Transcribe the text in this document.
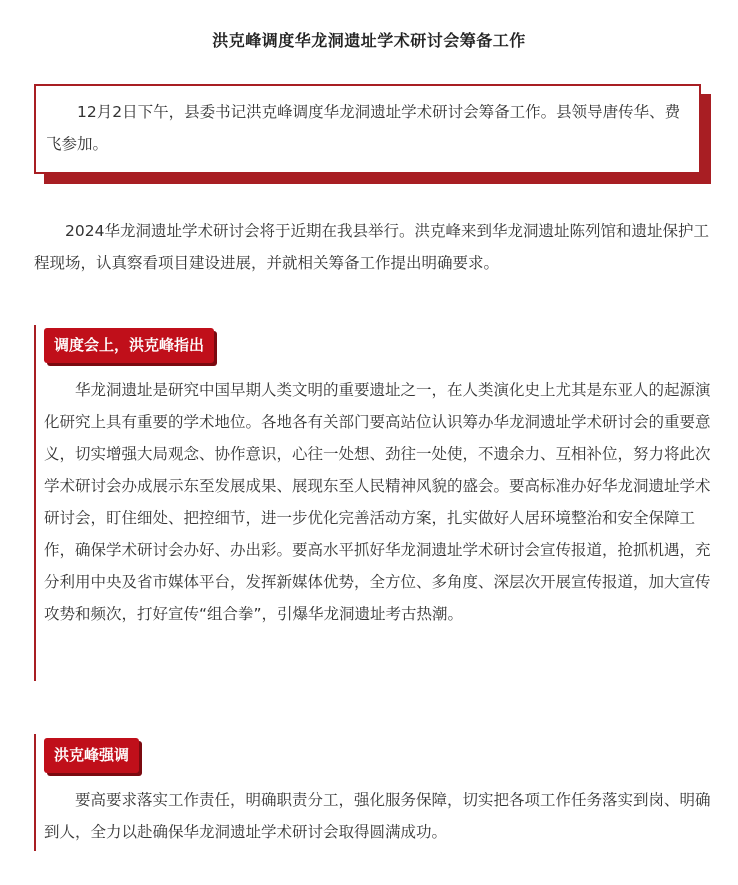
洪克峰调度华龙洞遗址学术研讨会筹备工作
12月2日下午，县委书记洪克峰调度华龙洞遗址学术研讨会筹备工作。县领导唐传华、费飞参加。
2024华龙洞遗址学术研讨会将于近期在我县举行。洪克峰来到华龙洞遗址陈列馆和遗址保护工程现场，认真察看项目建设进展，并就相关筹备工作提出明确要求。
调度会上，洪克峰指出
华龙洞遗址是研究中国早期人类文明的重要遗址之一，在人类演化史上尤其是东亚人的起源演化研究上具有重要的学术地位。各地各有关部门要高站位认识筹办华龙洞遗址学术研讨会的重要意义，切实增强大局观念、协作意识，心往一处想、劲往一处使，不遗余力、互相补位，努力将此次学术研讨会办成展示东至发展成果、展现东至人民精神风貌的盛会。要高标准办好华龙洞遗址学术研讨会，盯住细处、把控细节，进一步优化完善活动方案，扎实做好人居环境整治和安全保障工作，确保学术研讨会办好、办出彩。要高水平抓好华龙洞遗址学术研讨会宣传报道，抢抓机遇，充分利用中央及省市媒体平台，发挥新媒体优势，全方位、多角度、深层次开展宣传报道，加大宣传攻势和频次，打好宣传“组合拳”，引爆华龙洞遗址考古热潮。
洪克峰强调
要高要求落实工作责任，明确职责分工，强化服务保障，切实把各项工作任务落实到岗、明确到人，全力以赴确保华龙洞遗址学术研讨会取得圆满成功。
